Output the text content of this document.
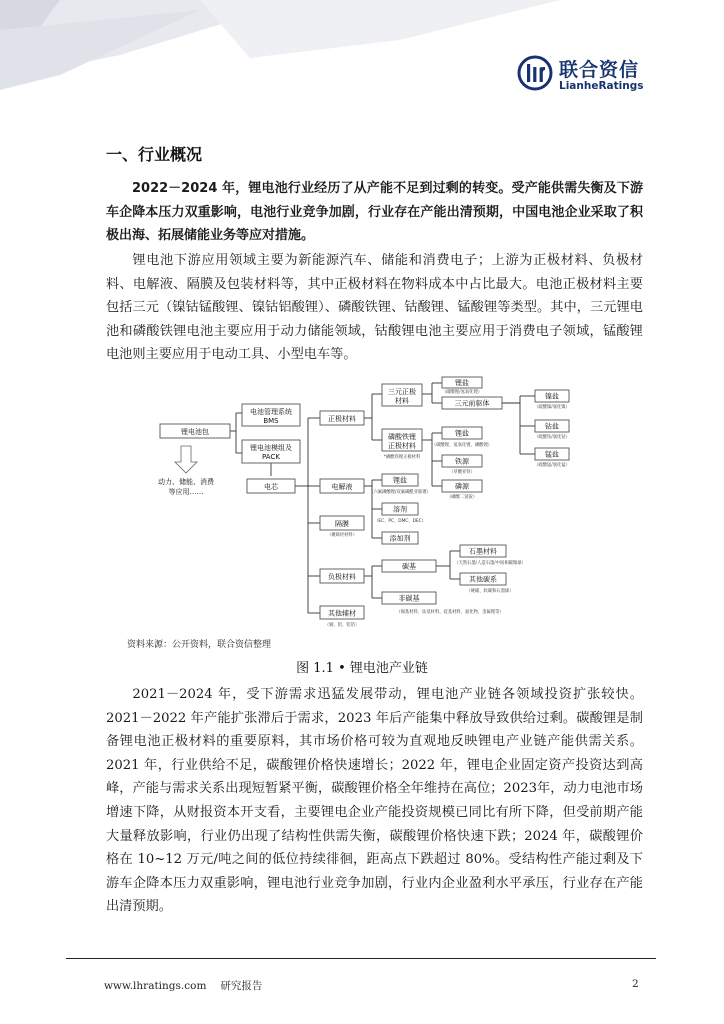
联合资信
LianheRatings
一、行业概况

2022－2024 年，锂电池行业经历了从产能不足到过剩的转变。受产能供需失衡及下游车企降本压力双重影响，电池行业竞争加剧，行业存在产能出清预期，中国电池企业采取了积极出海、拓展储能业务等应对措施。

锂电池下游应用领域主要为新能源汽车、储能和消费电子；上游为正极材料、负极材料、电解液、隔膜及包装材料等，其中正极材料在物料成本中占比最大。电池正极材料主要包括三元（镍钴锰酸锂、镍钴铝酸锂）、磷酸铁锂、钴酸锂、锰酸锂等类型。其中，三元锂电池和磷酸铁锂电池主要应用于动力储能领域，钴酸锂电池主要应用于消费电子领域，锰酸锂电池则主要应用于电动工具、小型电车等。

锂电池包
动力、储能、消费
等应用……
电池管理系统
BMS
锂电池模组及
PACK
电芯
正极材料
电解液
隔膜
（聚烯烃材料）
负极材料
其他辅材
（铜、铝、铝箔）
三元正极
材料
磷酸铁锂
正极材料
*磷酸铁锂正极材料
锂盐
（碳酸锂/氢氧化锂）
三元前驱体
镍盐
（硫酸镍/氯化镍）
钴盐
（硫酸钴/氯化钴）
锰盐
（硫酸锰/氯化锰）
锂盐
（碳酸锂、氢氧化锂、磷酸锂）
铁源
（草酸亚铁）
磷源
（磷酸二氢铵）
锂盐
（六氟磷酸锂/双氟磺酰亚胺锂）
溶剂
（EC、PC、DMC、DEC）
添加剂
碳基
非碳基
（锡基材料、钛基材料、硅基材料、氮化物、金属锂等）
石墨材料
（天然石墨/人造石墨/中间相碳微球）
其他碳系
（硬碳、软碳和石墨烯）
资料来源：公开资料，联合资信整理
图 1.1 • 锂电池产业链

2021－2024 年，受下游需求迅猛发展带动，锂电池产业链各领域投资扩张较快。2021－2022 年产能扩张滞后于需求，2023 年后产能集中释放导致供给过剩。碳酸锂是制备锂电池正极材料的重要原料，其市场价格可较为直观地反映锂电产业链产能供需关系。2021 年，行业供给不足，碳酸锂价格快速增长；2022 年，锂电企业固定资产投资达到高峰，产能与需求关系出现短暂紧平衡，碳酸锂价格全年维持在高位；2023年，动力电池市场增速下降，从财报资本开支看，主要锂电企业产能投资规模已同比有所下降，但受前期产能大量释放影响，行业仍出现了结构性供需失衡，碳酸锂价格快速下跌；2024 年，碳酸锂价格在 10~12 万元/吨之间的低位持续徘徊，距高点下跌超过 80%。受结构性产能过剩及下游车企降本压力双重影响，锂电池行业竞争加剧，行业内企业盈利水平承压，行业存在产能出清预期。

www.lhratings.com 研究报告	2
